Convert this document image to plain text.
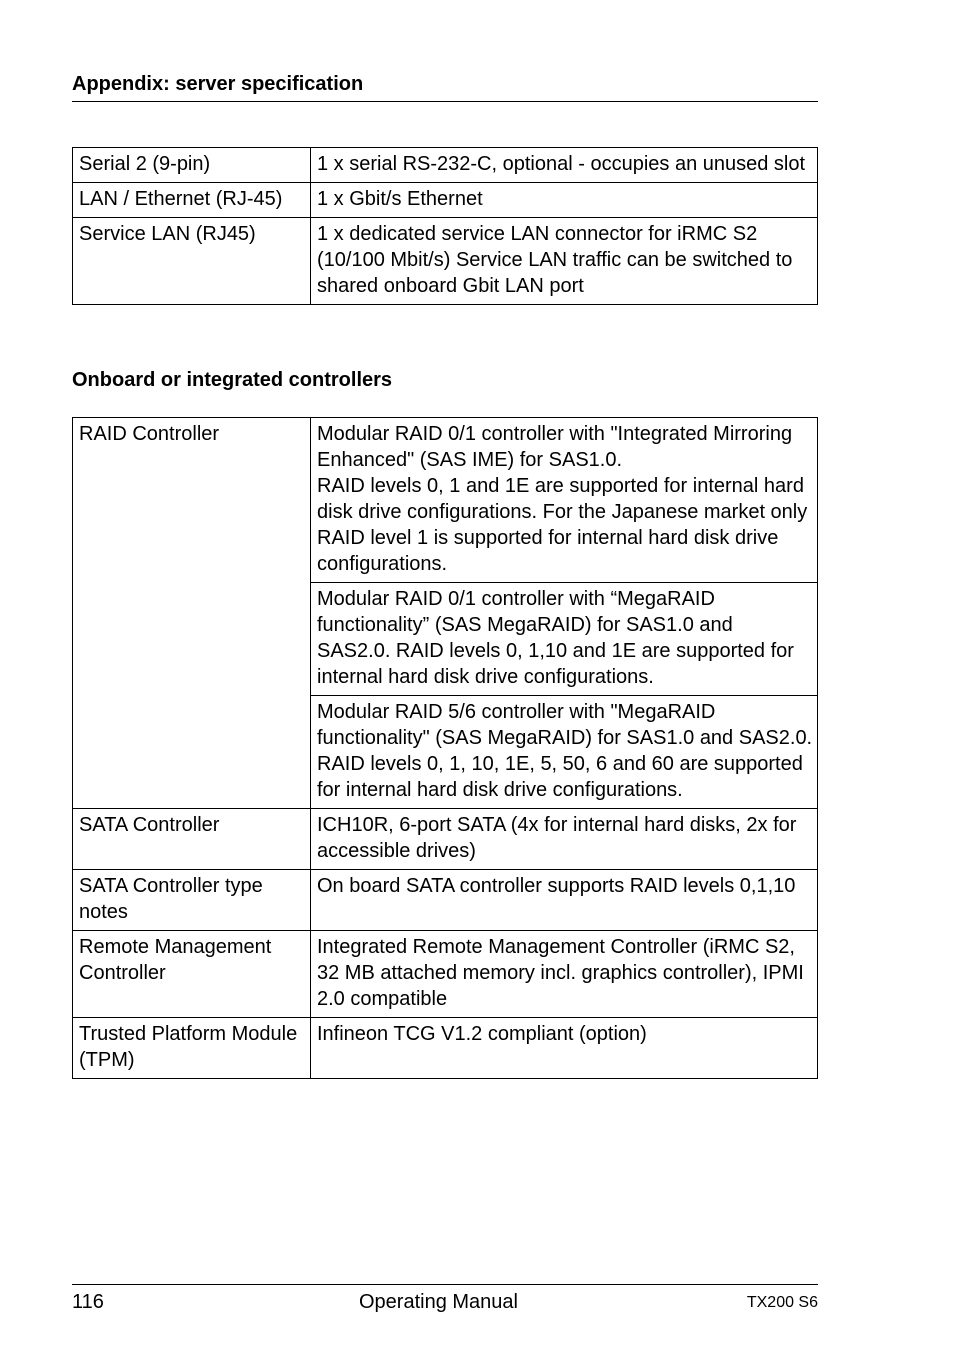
Appendix: server specification
Serial 2 (9-pin)	1 x serial RS-232-C, optional - occupies an unused slot
LAN / Ethernet (RJ-45)	1 x Gbit/s Ethernet
Service LAN (RJ45)	1 x dedicated service LAN connector for iRMC S2 (10/100 Mbit/s) Service LAN traffic can be switched to shared onboard Gbit LAN port
Onboard or integrated controllers
RAID Controller	Modular RAID 0/1 controller with "Integrated Mirroring Enhanced" (SAS IME) for SAS1.0.
RAID levels 0, 1 and 1E are supported for internal hard disk drive configurations. For the Japanese market only RAID level 1 is supported for internal hard disk drive configurations.
	Modular RAID 0/1 controller with “MegaRAID functionality” (SAS MegaRAID) for SAS1.0 and SAS2.0. RAID levels 0, 1,10 and 1E are supported for internal hard disk drive configurations.
	Modular RAID 5/6 controller with "MegaRAID functionality" (SAS MegaRAID) for SAS1.0 and SAS2.0. RAID levels 0, 1, 10, 1E, 5, 50, 6 and 60 are supported for internal hard disk drive configurations.
SATA Controller	ICH10R, 6-port SATA (4x for internal hard disks, 2x for accessible drives)
SATA Controller type notes	On board SATA controller supports RAID levels 0,1,10
Remote Management Controller	Integrated Remote Management Controller (iRMC S2, 32 MB attached memory incl. graphics controller), IPMI 2.0 compatible
Trusted Platform Module (TPM)	Infineon TCG V1.2 compliant (option)
116	Operating Manual	TX200 S6
